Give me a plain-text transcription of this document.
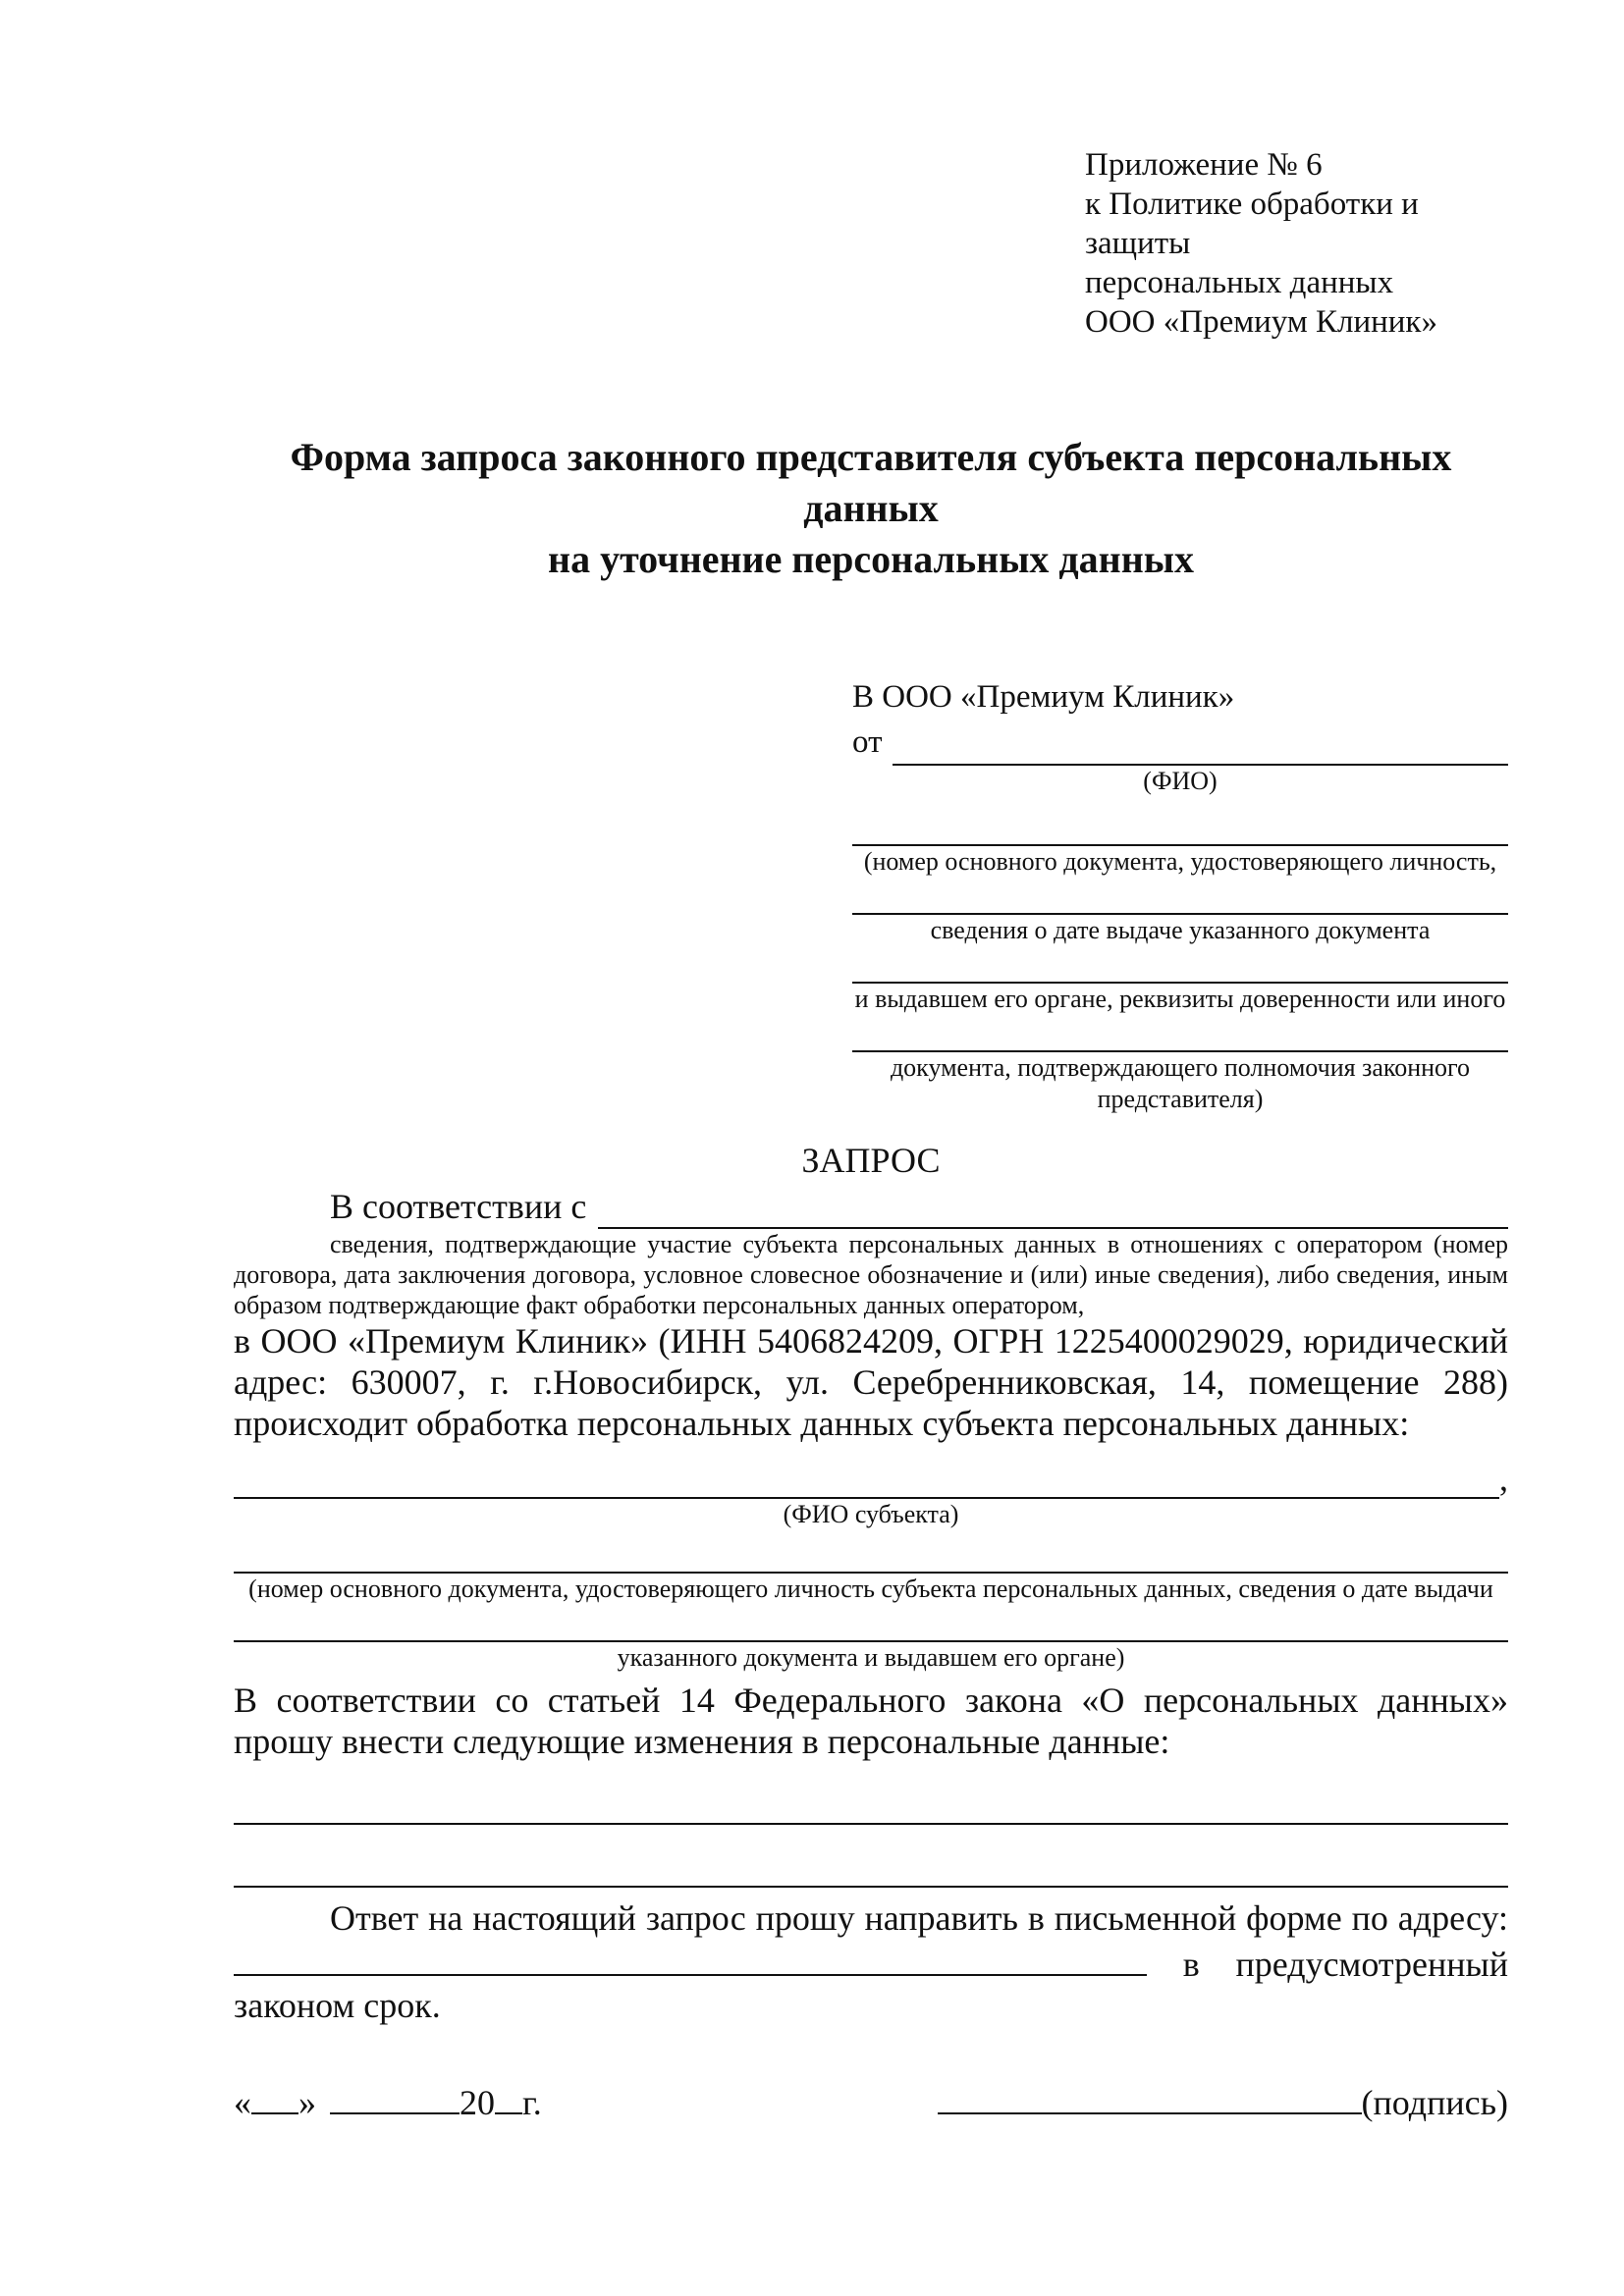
Приложение № 6
к Политике обработки и защиты
персональных данных
ООО «Премиум Клиник»
Форма запроса законного представителя субъекта персональных данных
на уточнение персональных данных
В ООО «Премиум Клиник»
от
(ФИО)
(номер основного документа, удостоверяющего личность,
сведения о дате выдаче указанного документа
и выдавшем его органе, реквизиты доверенности или иного
документа, подтверждающего полномочия законного представителя)
ЗАПРОС
В соответствии с
сведения, подтверждающие участие субъекта персональных данных в отношениях с оператором (номер договора, дата заключения договора, условное словесное обозначение и (или) иные сведения), либо сведения, иным образом подтверждающие факт обработки персональных данных оператором,

в ООО «Премиум Клиник» (ИНН 5406824209, ОГРН 1225400029029, юридический адрес: 630007, г. г.Новосибирск, ул. Серебренниковская, 14, помещение 288) происходит обработка персональных данных субъекта персональных данных:

,
(ФИО субъекта)
(номер основного документа, удостоверяющего личность субъекта персональных данных, сведения о дате выдачи
указанного документа и выдавшем его органе)

В соответствии со статьей 14 Федерального закона «О персональных данных» прошу внести следующие изменения в персональные данные:

Ответ на настоящий запрос прошу направить в письменной форме по адресу:  в предусмотренный законом срок.

« »	20 г.	(подпись)
